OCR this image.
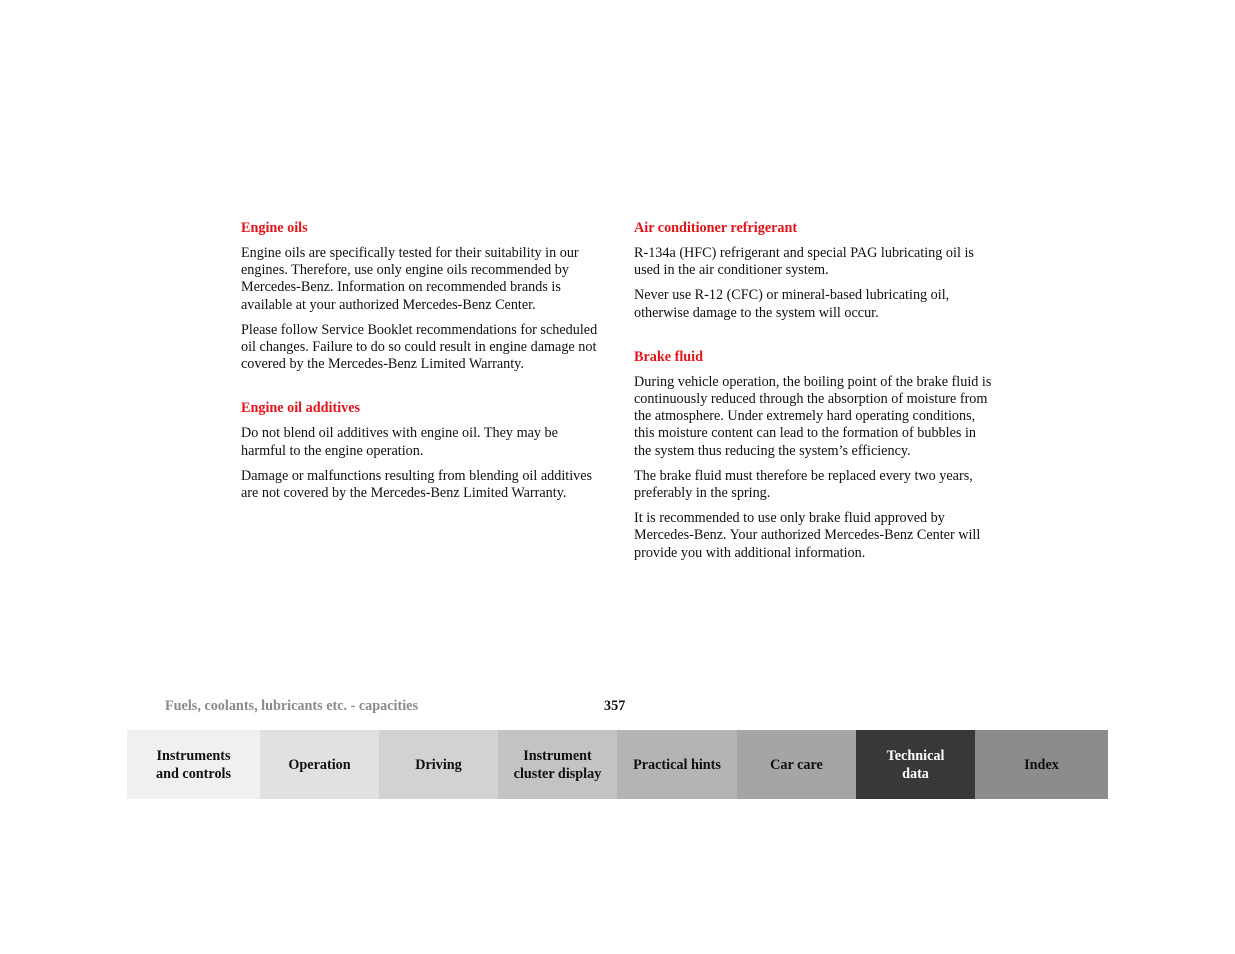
Engine oils

Engine oils are specifically tested for their suitability in our engines. Therefore, use only engine oils recommended by Mercedes-Benz. Information on recommended brands is available at your authorized Mercedes-Benz Center.

Please follow Service Booklet recommendations for scheduled oil changes. Failure to do so could result in engine damage not covered by the Mercedes-Benz Limited Warranty.

Engine oil additives

Do not blend oil additives with engine oil. They may be harmful to the engine operation.

Damage or malfunctions resulting from blending oil additives are not covered by the Mercedes-Benz Limited Warranty.

Air conditioner refrigerant

R-134a (HFC) refrigerant and special PAG lubricating oil is used in the air conditioner system.

Never use R-12 (CFC) or mineral-based lubricating oil, otherwise damage to the system will occur.

Brake fluid

During vehicle operation, the boiling point of the brake fluid is continuously reduced through the absorption of moisture from the atmosphere. Under extremely hard operating conditions, this moisture content can lead to the formation of bubbles in the system thus reducing the system’s efficiency.

The brake fluid must therefore be replaced every two years, preferably in the spring.

It is recommended to use only brake fluid approved by Mercedes-Benz. Your authorized Mercedes-Benz Center will provide you with additional information.

Fuels, coolants, lubricants etc. - capacities	357
Instruments
and controls
Operation	Driving
Instrument
cluster display
Practical hints	Car care
Technical
data
Index
